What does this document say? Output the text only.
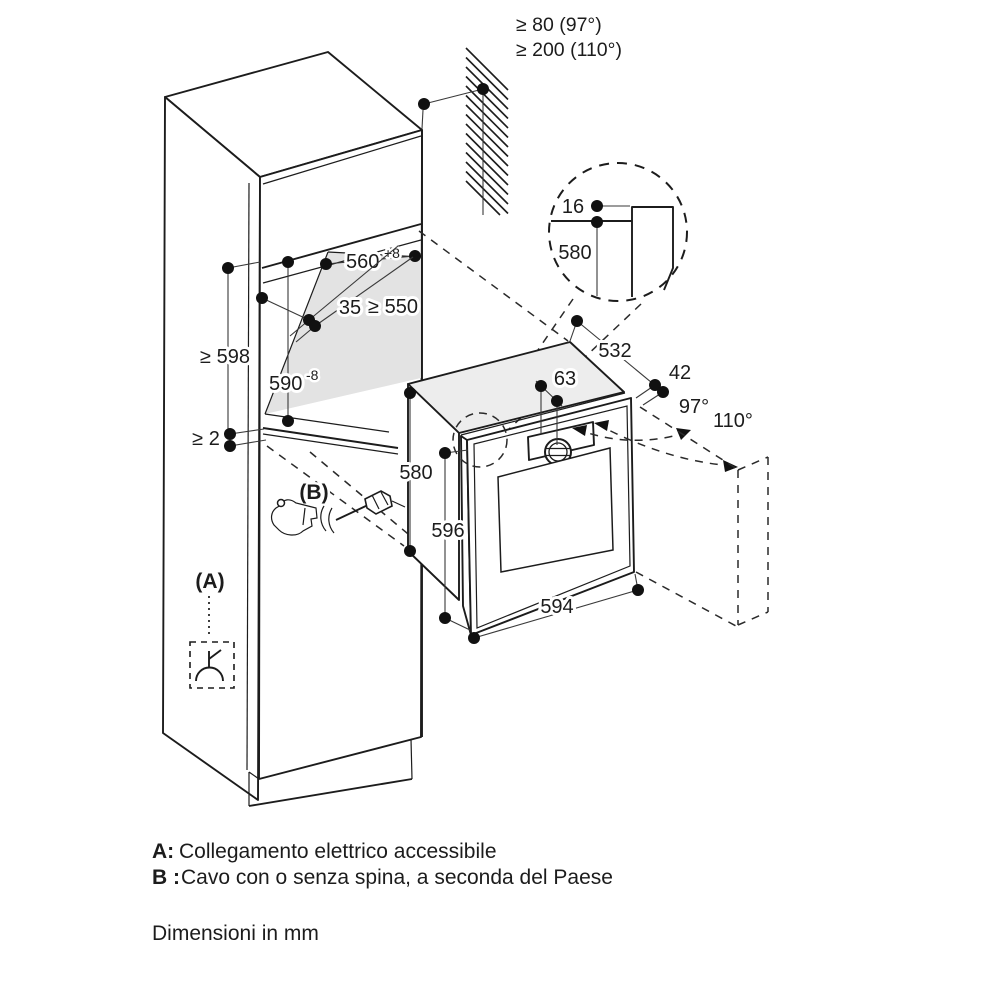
97°
110°
≥ 80 (97°)
≥ 200 (110°)
16
580
560 +8
590 -8
35 ≥ 550
≥ 598
≥ 2
580
596
594
63
532
42
(B)
(A)
A: Collegamento elettrico accessibile
B : Cavo con o senza spina, a seconda del Paese
Dimensioni in mm
